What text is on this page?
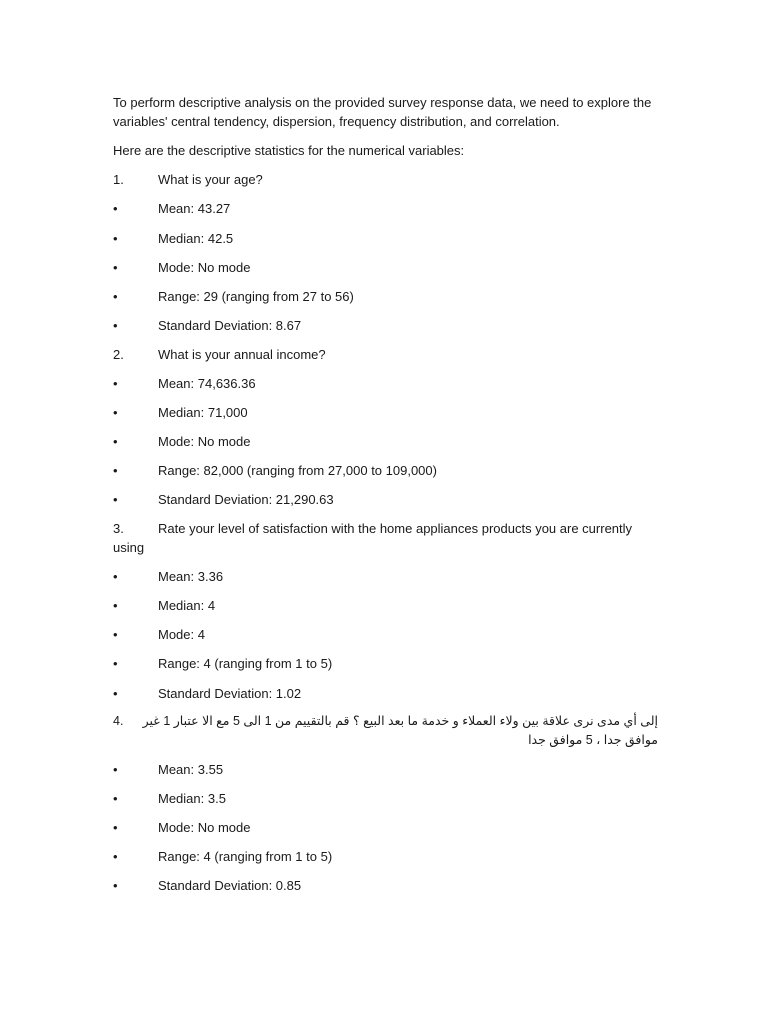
To perform descriptive analysis on the provided survey response data, we need to explore the variables' central tendency, dispersion, frequency distribution, and correlation.

Here are the descriptive statistics for the numerical variables:
1.	What is your age?
•	Mean: 43.27
•	Median: 42.5
•	Mode: No mode
•	Range: 29 (ranging from 27 to 56)
•	Standard Deviation: 8.67
2.	What is your annual income?
•	Mean: 74,636.36
•	Median: 71,000
•	Mode: No mode
•	Range: 82,000 (ranging from 27,000 to 109,000)
•	Standard Deviation: 21,290.63
3.	Rate your level of satisfaction with the home appliances products you are currently using
•	Mean: 3.36
•	Median: 4
•	Mode: 4
•	Range: 4 (ranging from 1 to 5)
•	Standard Deviation: 1.02
4.	إلى أي مدى نرى علاقة بين ولاء العملاء و خدمة ما بعد البيع ؟ قم بالتقييم من 1 الى 5 مع الا عتبار 1 غير موافق جدا ، 5 موافق جدا
•	Mean: 3.55
•	Median: 3.5
•	Mode: No mode
•	Range: 4 (ranging from 1 to 5)
•	Standard Deviation: 0.85
